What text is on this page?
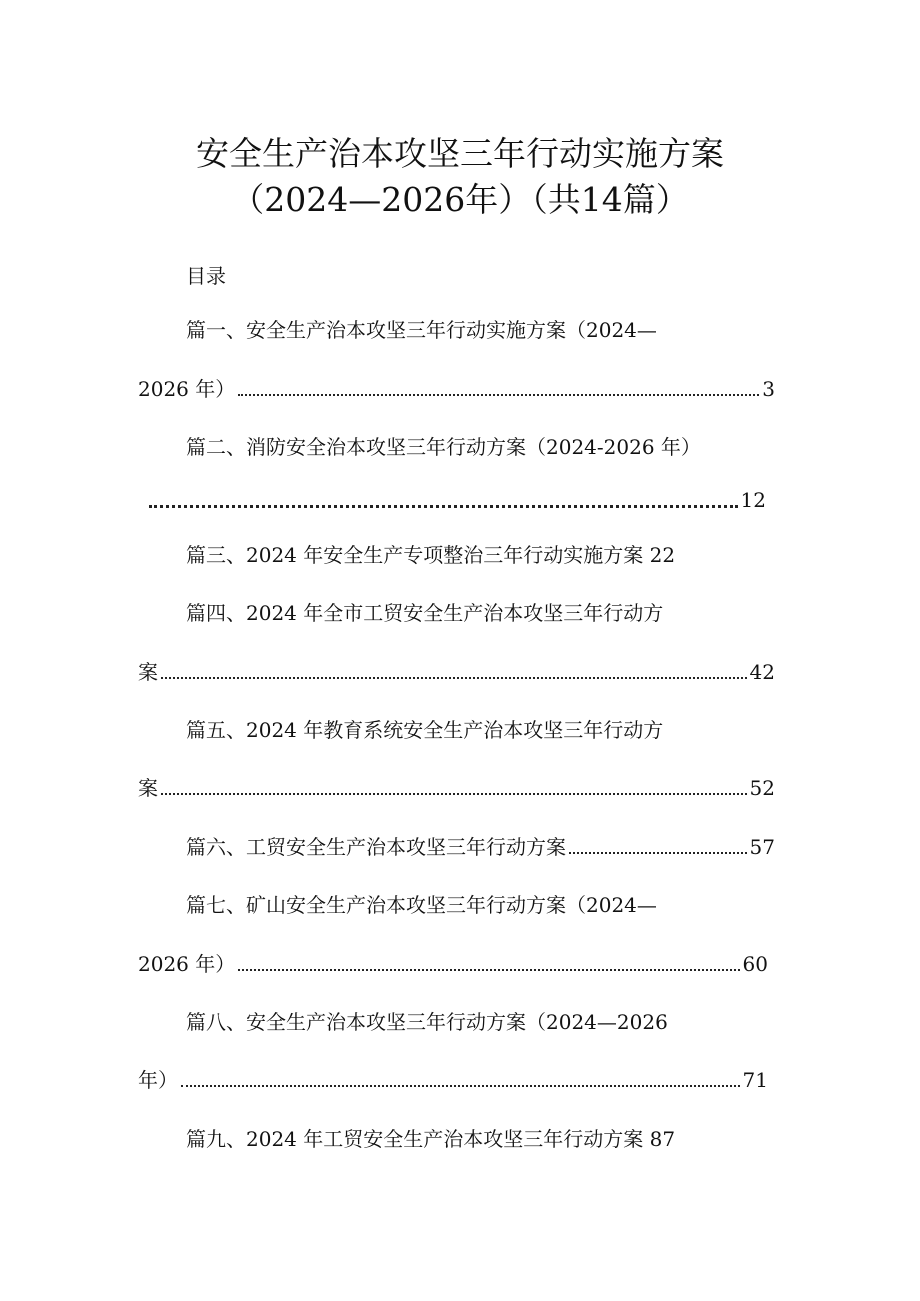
安全生产治本攻坚三年行动实施方案
（2024—2026年）（共14篇）
目录
篇一、安全生产治本攻坚三年行动实施方案（2024—
2026 年）	3
篇二、消防安全治本攻坚三年行动方案（2024-2026 年）
12
篇三、2024 年安全生产专项整治三年行动实施方案 22
篇四、2024 年全市工贸安全生产治本攻坚三年行动方
案	42
篇五、2024 年教育系统安全生产治本攻坚三年行动方
案	52
篇六、工贸安全生产治本攻坚三年行动方案	57
篇七、矿山安全生产治本攻坚三年行动方案（2024—
2026 年）	60
篇八、安全生产治本攻坚三年行动方案（2024—2026
年）	71
篇九、2024 年工贸安全生产治本攻坚三年行动方案 87
